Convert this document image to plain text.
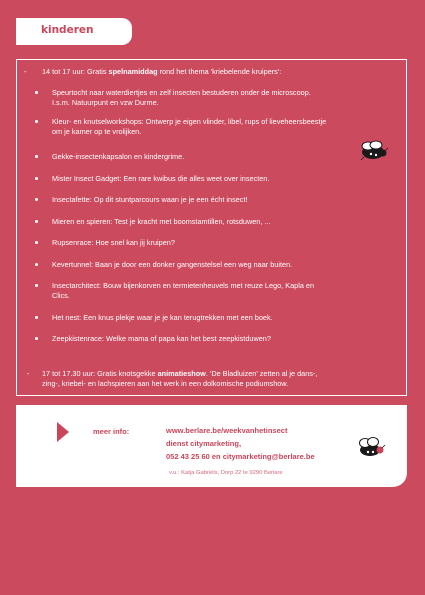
kinderen
- 14 tot 17 uur: Gratis spelnamiddag rond het thema 'kriebelende kruipers':
Speurtocht naar waterdiertjes en zelf insecten bestuderen onder de microscoop.
I.s.m. Natuurpunt en vzw Durme.
Kleur- en knutselworkshops: Ontwerp je eigen vlinder, libel, rups of lieveheersbeestje
om je kamer op te vrolijken.
Gekke-insectenkapsalon en kindergrime.
Mister Insect Gadget: Een rare kwibus die alles weet over insecten.
Insectafette: Op dit stuntparcours waan je je een écht insect!
Mieren en spieren: Test je kracht met boomstamtillen, rotsduwen, ...
Rupsenrace: Hoe snel kan jij kruipen?
Kevertunnel: Baan je door een donker gangenstelsel een weg naar buiten.
Insectarchitect: Bouw bijenkorven en termietenheuvels met reuze Lego, Kapla en
Clics.
Het nest: Een knus plekje waar je je kan terugtrekken met een boek.
Zeepkistenrace: Welke mama of papa kan het best zeepkistduwen?
- 17 tot 17.30 uur: Gratis knotsgekke animatieshow. 'De Bladluizen' zetten al je dans-,
zing-, kriebel- en lachspieren aan het werk in een dolkomische podiumshow.
meer info:	www.berlare.be/weekvanhetinsect
dienst citymarketing,
052 43 25 60 en citymarketing@berlare.be
v.u.: Katja Gabriëls, Dorp 22 te 9290 Berlare
